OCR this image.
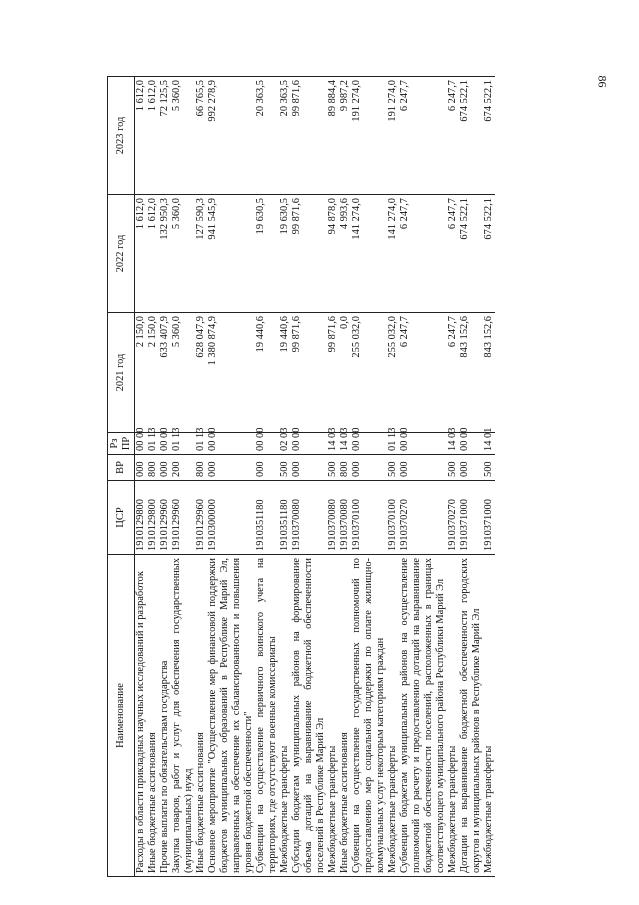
86
Наименование	ЦСР	ВР	Рз ПР	2021 год	2022 год	2023 год
Расходы в области прикладных научных исследований и разработок	1910129800	000	00 00	2 150,0	1 612,0	1 612,0
Иные бюджетные ассигнования	1910129800	800	01 13	2 150,0	1 612,0	1 612,0
Прочие выплаты по обязательствам государства	1910129960	000	00 00	633 407,9	132 950,3	72 125,5
Закупка товаров, работ и услуг для обеспечения государственных (муниципальных) нужд	1910129960	200	01 13	5 360,0	5 360,0	5 360,0
Иные бюджетные ассигнования	1910129960	800	01 13	628 047,9	127 590,3	66 765,5
Основное мероприятие "Осуществление мер финансовой поддержки бюджетов муниципальных образований в Республике Марий Эл, направленных на обеспечение их сбалансированности и повышения уровня бюджетной обеспеченности"	1910300000	000	00 00	1 380 874,9	941 545,9	992 278,9
Субвенции на осуществление первичного воинского учета на территориях, где отсутствуют военные комиссариаты	1910351180	000	00 00	19 440,6	19 630,5	20 363,5
Межбюджетные трансферты	1910351180	500	02 03	19 440,6	19 630,5	20 363,5
Субсидии бюджетам муниципальных районов на формирование объема дотаций на выравнивание бюджетной обеспеченности поселений в Республике Марий Эл	1910370080	000	00 00	99 871,6	99 871,6	99 871,6
Межбюджетные трансферты	1910370080	500	14 03	99 871,6	94 878,0	89 884,4
Иные бюджетные ассигнования	1910370080	800	14 03	0,0	4 993,6	9 987,2
Субвенции на осуществление государственных полномочий по предоставлению мер социальной поддержки по оплате жилищно-коммунальных услуг некоторым категориям граждан	1910370100	000	00 00	255 032,0	141 274,0	191 274,0
Межбюджетные трансферты	1910370100	500	01 13	255 032,0	141 274,0	191 274,0
Субвенции бюджетам муниципальных районов на осуществление полномочий по расчету и предоставлению дотаций на выравнивание бюджетной обеспеченности поселений, расположенных в границах соответствующего муниципального района Республики Марий Эл	1910370270	000	00 00	6 247,7	6 247,7	6 247,7
Межбюджетные трансферты	1910370270	500	14 03	6 247,7	6 247,7	6 247,7
Дотации на выравнивание бюджетной обеспеченности городских округов и муниципальных районов в Республике Марий Эл	1910371000	000	00 00	843 152,6	674 522,1	674 522,1
Межбюджетные трансферты	1910371000	500	14 01	843 152,6	674 522,1	674 522,1
